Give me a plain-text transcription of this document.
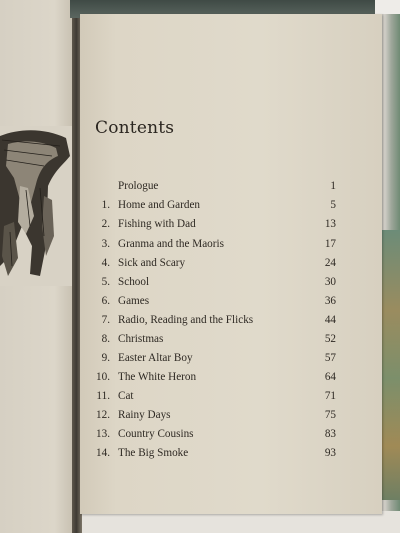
Contents
Prologue	1
1. Home and Garden	5
2. Fishing with Dad	13
3. Granma and the Maoris	17
4. Sick and Scary	24
5. School	30
6. Games	36
7. Radio, Reading and the Flicks	44
8. Christmas	52
9. Easter Altar Boy	57
10. The White Heron	64
11. Cat	71
12. Rainy Days	75
13. Country Cousins	83
14. The Big Smoke	93
